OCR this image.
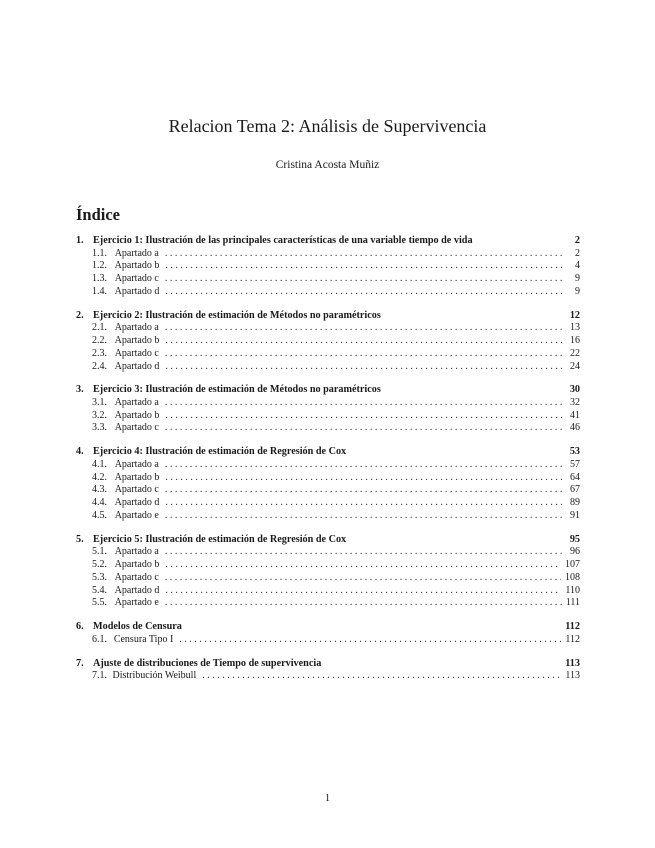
Relacion Tema 2: Análisis de Supervivencia
Cristina Acosta Muñiz
Índice
1. Ejercicio 1: Ilustración de las principales características de una variable tiempo de vida	2
1.1. Apartado a . . .	2
1.2. Apartado b . . .	4
1.3. Apartado c . . .	9
1.4. Apartado d . . .	9
2. Ejercicio 2: Ilustración de estimación de Métodos no paramétricos	12
2.1. Apartado a . . .	13
2.2. Apartado b . . .	16
2.3. Apartado c . . .	22
2.4. Apartado d . . .	24
3. Ejercicio 3: Ilustración de estimación de Métodos no paramétricos	30
3.1. Apartado a . . .	32
3.2. Apartado b . . .	41
3.3. Apartado c . . .	46
4. Ejercicio 4: Ilustración de estimación de Regresión de Cox	53
4.1. Apartado a . . .	57
4.2. Apartado b . . .	64
4.3. Apartado c . . .	67
4.4. Apartado d . . .	89
4.5. Apartado e . . .	91
5. Ejercicio 5: Ilustración de estimación de Regresión de Cox	95
5.1. Apartado a . . .	96
5.2. Apartado b . . .	107
5.3. Apartado c . . .	108
5.4. Apartado d . . .	110
5.5. Apartado e . . .	111
6. Modelos de Censura	112
6.1. Censura Tipo I . . .	112
7. Ajuste de distribuciones de Tiempo de supervivencia	113
7.1. Distribución Weibull . . .	113
1
